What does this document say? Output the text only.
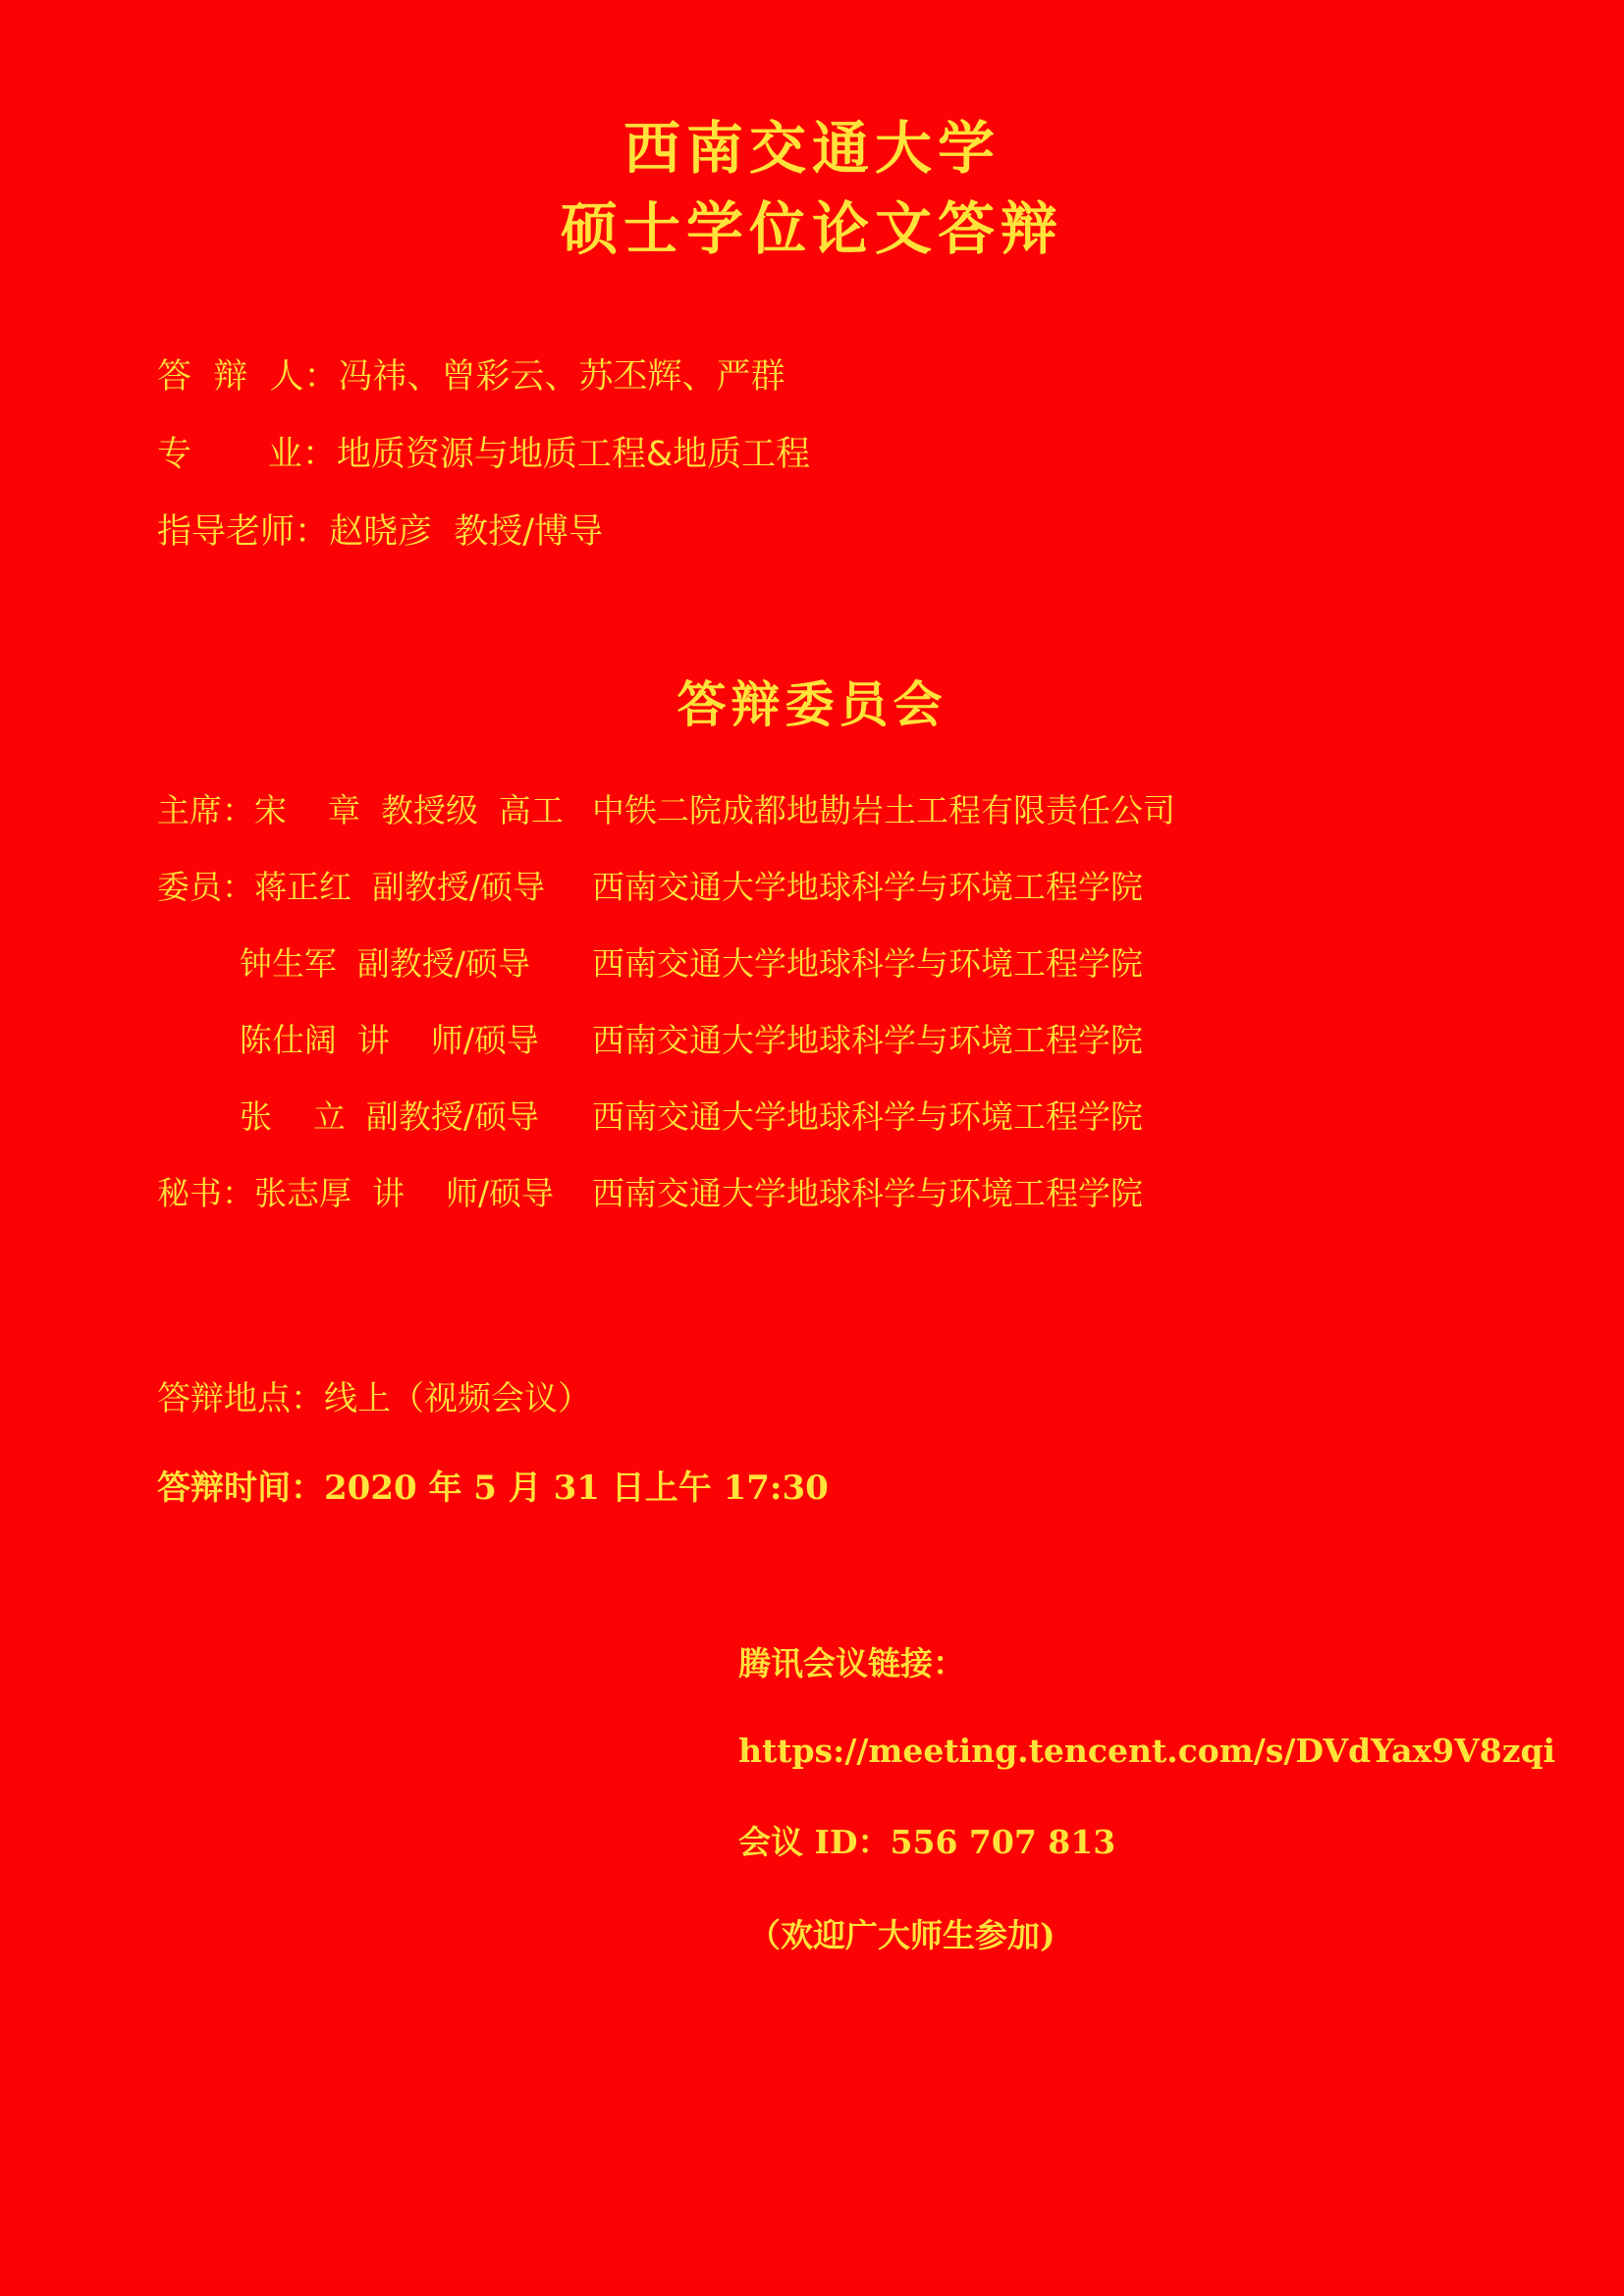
西南交通大学
硕士学位论文答辩
答  辩  人：冯祎、曾彩云、苏丕辉、严群
专       业：地质资源与地质工程&地质工程
指导老师：赵晓彦  教授/博导
答辩委员会
主席：宋    章  教授级  高工 中铁二院成都地勘岩土工程有限责任公司
委员：蒋正红  副教授/硕导	西南交通大学地球科学与环境工程学院
钟生军  副教授/硕导	西南交通大学地球科学与环境工程学院
陈仕阔  讲    师/硕导	西南交通大学地球科学与环境工程学院
张    立  副教授/硕导	西南交通大学地球科学与环境工程学院
秘书：张志厚  讲    师/硕导	西南交通大学地球科学与环境工程学院
答辩地点：线上（视频会议）
答辩时间：2020 年 5 月 31 日上午 17:30
腾讯会议链接：
https://meeting.tencent.com/s/DVdYax9V8zqi
会议 ID：556 707 813
（欢迎广大师生参加)
